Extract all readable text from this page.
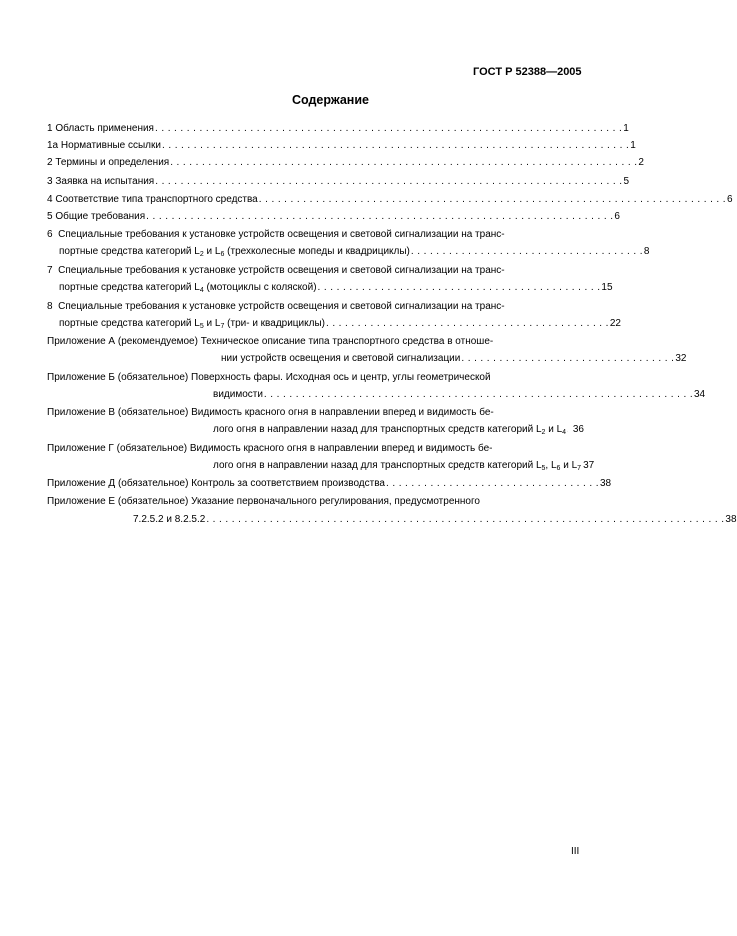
ГОСТ Р 52388—2005
Содержание
1
Область применения . . . . . . . . . . . . . . . . . . . . . . . . . . . . . . . . . . . . . . . . . . . . . . . . . . . . . . . . . . . . . . . . . . . . . . . . . . 1
1а
Нормативные ссылки . . . . . . . . . . . . . . . . . . . . . . . . . . . . . . . . . . . . . . . . . . . . . . . . . . . . . . . . . . . . . . . . . . . . . . . . . . 1
2
Термины и определения . . . . . . . . . . . . . . . . . . . . . . . . . . . . . . . . . . . . . . . . . . . . . . . . . . . . . . . . . . . . . . . . . . . . . . . . . . 2
3
Заявка на испытания . . . . . . . . . . . . . . . . . . . . . . . . . . . . . . . . . . . . . . . . . . . . . . . . . . . . . . . . . . . . . . . . . . . . . . . . . . 5
4
Соответствие типа транспортного средства . . . . . . . . . . . . . . . . . . . . . . . . . . . . . . . . . . . . . . . . . . . . . . . . . . . . . . . . . . . . . . . . . . . . . . . . . . 6
5
Общие требования . . . . . . . . . . . . . . . . . . . . . . . . . . . . . . . . . . . . . . . . . . . . . . . . . . . . . . . . . . . . . . . . . . . . . . . . . . 6
6 Специальные требования к установке устройств освещения и световой сигнализации на транс-
портные средства категорий $L_2$ и $L_6$ (трехколесные мопеды и квадрициклы) . . . . . . . . . . . . . . . . . . . . . . . . . . . . . . . . . . . . . 8
7 Специальные требования к установке устройств освещения и световой сигнализации на транс-
портные средства категорий $L_4$ (мотоциклы с коляской) . . . . . . . . . . . . . . . . . . . . . . . . . . . . . . . . . . . . . . . . . . . . . 15
8 Специальные требования к установке устройств освещения и световой сигнализации на транс-
портные средства категорий $L_5$ и $L_7$ (три- и квадрициклы) . . . . . . . . . . . . . . . . . . . . . . . . . . . . . . . . . . . . . . . . . . . . . 22
Приложение А (рекомендуемое) Техническое описание типа транспортного средства в отноше-
нии устройств освещения и световой сигнализации . . . . . . . . . . . . . . . . . . . . . . . . . . . . . . . . . . 32
Приложение Б (обязательное) Поверхность фары. Исходная ось и центр, углы геометрической
видимости . . . . . . . . . . . . . . . . . . . . . . . . . . . . . . . . . . . . . . . . . . . . . . . . . . . . . . . . . . . . . . . . . . . . 34
Приложение В (обязательное) Видимость красного огня в направлении вперед и видимость бе-
лого огня в направлении назад для транспортных средств категорий $L_2$ и $L_4$ 36
Приложение Г (обязательное) Видимость красного огня в направлении вперед и видимость бе-
лого огня в направлении назад для транспортных средств категорий $L_5$, $L_6$ и $L_7$ 37
Приложение Д (обязательное) Контроль за соответствием производства . . . . . . . . . . . . . . . . . . . . . . . . . . . . . . . . . . 38
Приложение Е (обязательное) Указание первоначального регулирования, предусмотренного
7.2.5.2 и 8.2.5.2 . . . . . . . . . . . . . . . . . . . . . . . . . . . . . . . . . . . . . . . . . . . . . . . . . . . . . . . . . . . . . . . . . . . . . . . . . . . . . . . . . . 38
III
